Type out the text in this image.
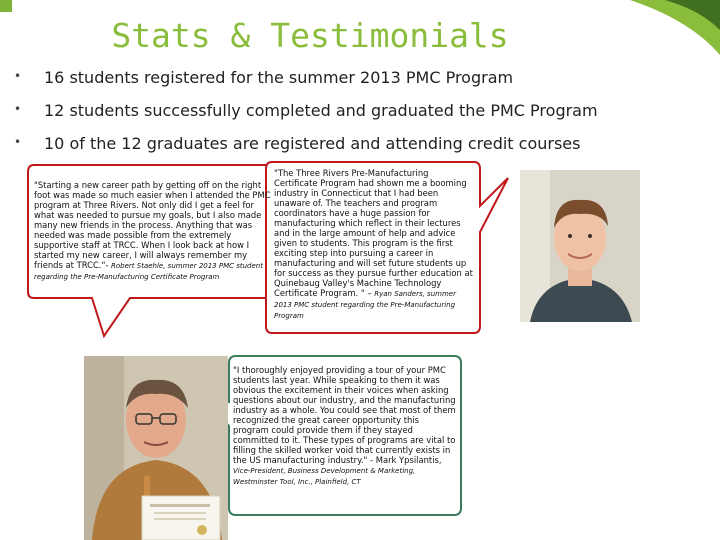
Stats & Testimonials
• 16 students registered for the summer 2013 PMC Program
• 12 students successfully completed and graduated the PMC Program
• 10 of the 12 graduates are registered and attending credit courses
"Starting a new career path by getting off on the right foot was made so much easier when I attended the PMC program at Three Rivers. Not only did I get a feel for what was needed to pursue my goals, but I also made many new friends in the process. Anything that was needed was made possible from the extremely supportive staff at TRCC. When I look back at how I started my new career, I will always remember my friends at TRCC."- Robert Staehle, summer 2013 PMC student regarding the Pre-Manufacturing Certificate Program
"The Three Rivers Pre-Manufacturing Certificate Program had shown me a booming industry in Connecticut that I had been unaware of. The teachers and program coordinators have a huge passion for manufacturing which reflect in their lectures and in the large amount of help and advice given to students. This program is the first exciting step into pursuing a career in manufacturing and will set future students up for success as they pursue further education at Quinebaug Valley's Machine Technology Certificate Program. " – Ryan Sanders, summer 2013 PMC student regarding the Pre-Manufacturing Program
"I thoroughly enjoyed providing a tour of your PMC students last year. While speaking to them it was obvious the excitement in their voices when asking questions about our industry, and the manufacturing industry as a whole. You could see that most of them recognized the great career opportunity this program could provide them if they stayed committed to it. These types of programs are vital to filling the skilled worker void that currently exists in the US manufacturing industry." - Mark Ypsilantis, Vice-President, Business Development & Marketing, Westminster Tool, Inc., Plainfield, CT
